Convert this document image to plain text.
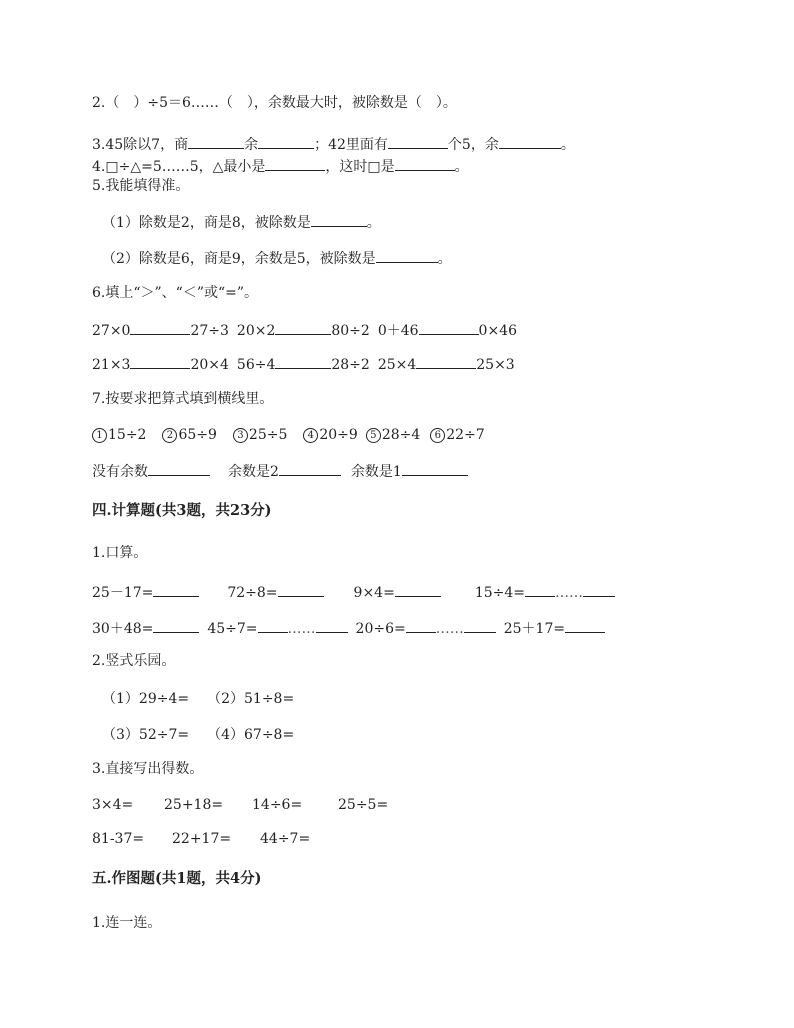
2.（　）÷5＝6……（　），余数最大时，被除数是（　）。
3.45除以7，商	余	；42里面有	个5，余	。
4.□÷△=5……5，△最小是	，这时□是	。
5.我能填得准。
（1）除数是2，商是8，被除数是	。
（2）除数是6，商是9，余数是5，被除数是	。
6.填上“＞”、“＜”或“=”。
27×0	27÷3 20×2	80÷2 0＋46	0×46
21×3	20×4 56÷4	28÷2 25×4	25×3
7.按要求把算式填到横线里。
1 15÷2 2 65÷9 3 25÷5 4 20÷9 5 28÷4 6 22÷7
没有余数	余数是2	余数是1
四.计算题(共3题，共23分)
1.口算。
25－17=	72÷8=	9×4=	15÷4= ……
30＋48=	45÷7= ……	20÷6= ……	25＋17=
2.竖式乐园。
（1）29÷4= （2）51÷8=
（3）52÷7= （4）67÷8=
3.直接写出得数。
3×4= 25+18= 14÷6=	25÷5=
81-37= 22+17= 44÷7=
五.作图题(共1题，共4分)
1.连一连。
